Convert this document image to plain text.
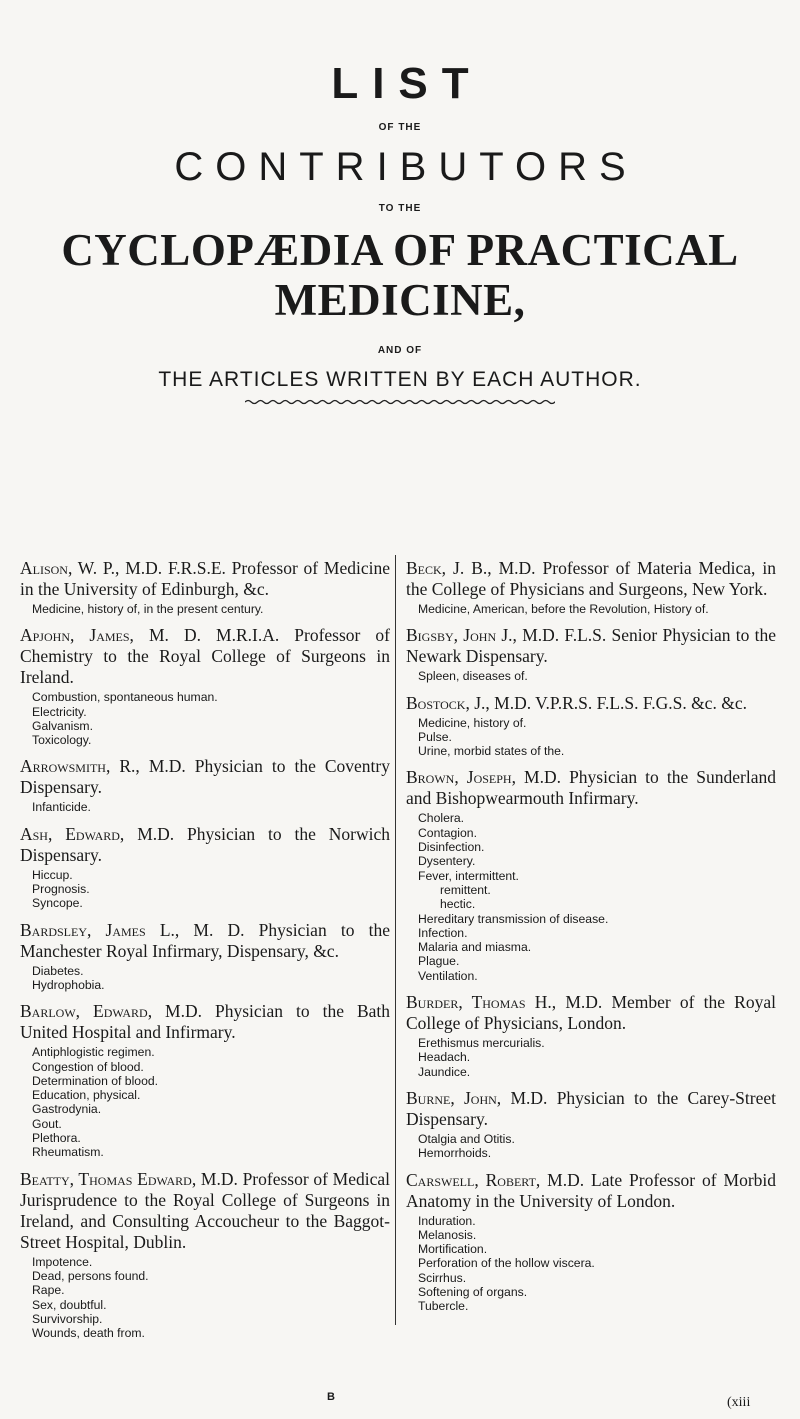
LIST

OF THE

CONTRIBUTORS

TO THE

CYCLOPÆDIA OF PRACTICAL MEDICINE,

AND OF

THE ARTICLES WRITTEN BY EACH AUTHOR.

Alison, W. P., M.D. F.R.S.E. Professor of Medicine in the University of Edinburgh, &c.

Medicine, history of, in the present century.

Apjohn, James, M. D. M.R.I.A. Professor of Chemistry to the Royal College of Surgeons in Ireland.

Combustion, spontaneous human.
Electricity.
Galvanism.
Toxicology.

Arrowsmith, R., M.D. Physician to the Coventry Dispensary.

Infanticide.

Ash, Edward, M.D. Physician to the Norwich Dispensary.

Hiccup.
Prognosis.
Syncope.

Bardsley, James L., M. D. Physician to the Manchester Royal Infirmary, Dispensary, &c.

Diabetes.
Hydrophobia.

Barlow, Edward, M.D. Physician to the Bath United Hospital and Infirmary.

Antiphlogistic regimen.
Congestion of blood.
Determination of blood.
Education, physical.
Gastrodynia.
Gout.
Plethora.
Rheumatism.

Beatty, Thomas Edward, M.D. Professor of Medical Jurisprudence to the Royal College of Surgeons in Ireland, and Consulting Accoucheur to the Baggot-Street Hospital, Dublin.

Impotence.
Dead, persons found.
Rape.
Sex, doubtful.
Survivorship.
Wounds, death from.

Beck, J. B., M.D. Professor of Materia Medica, in the College of Physicians and Surgeons, New York.

Medicine, American, before the Revolution, History of.

Bigsby, John J., M.D. F.L.S. Senior Physician to the Newark Dispensary.

Spleen, diseases of.

Bostock, J., M.D. V.P.R.S. F.L.S. F.G.S. &c. &c.

Medicine, history of.
Pulse.
Urine, morbid states of the.

Brown, Joseph, M.D. Physician to the Sunderland and Bishopwearmouth Infirmary.

Cholera.
Contagion.
Disinfection.
Dysentery.
Fever, intermittent.
remittent.
hectic.
Hereditary transmission of disease.
Infection.
Malaria and miasma.
Plague.
Ventilation.

Burder, Thomas H., M.D. Member of the Royal College of Physicians, London.

Erethismus mercurialis.
Headach.
Jaundice.

Burne, John, M.D. Physician to the Carey-Street Dispensary.

Otalgia and Otitis.
Hemorrhoids.

Carswell, Robert, M.D. Late Professor of Morbid Anatomy in the University of London.

Induration.
Melanosis.
Mortification.
Perforation of the hollow viscera.
Scirrhus.
Softening of organs.
Tubercle.
B	(xiii
